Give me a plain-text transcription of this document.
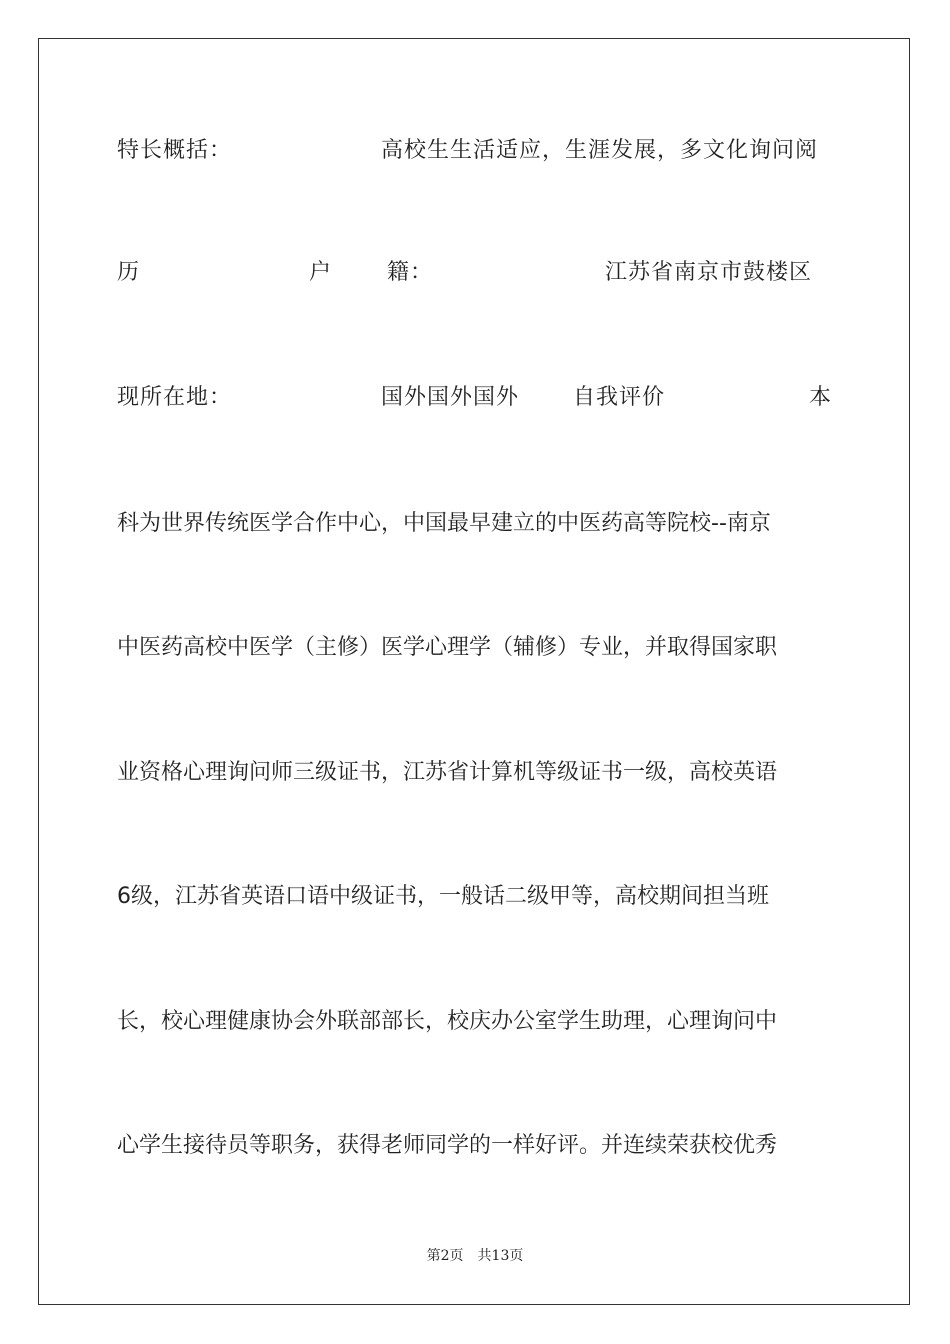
特长概括：	高校生生活适应，生涯发展，多文化询问阅
历	户 籍：	江苏省南京市鼓楼区
现所在地：	国外国外国外 自我评价	本
科为世界传统医学合作中心，中国最早建立的中医药高等院校--南京
中医药高校中医学（主修）医学心理学（辅修）专业，并取得国家职
业资格心理询问师三级证书，江苏省计算机等级证书一级，高校英语
6级，江苏省英语口语中级证书，一般话二级甲等，高校期间担当班
长，校心理健康协会外联部部长，校庆办公室学生助理，心理询问中
心学生接待员等职务，获得老师同学的一样好评。并连续荣获校优秀
第2页 共13页
